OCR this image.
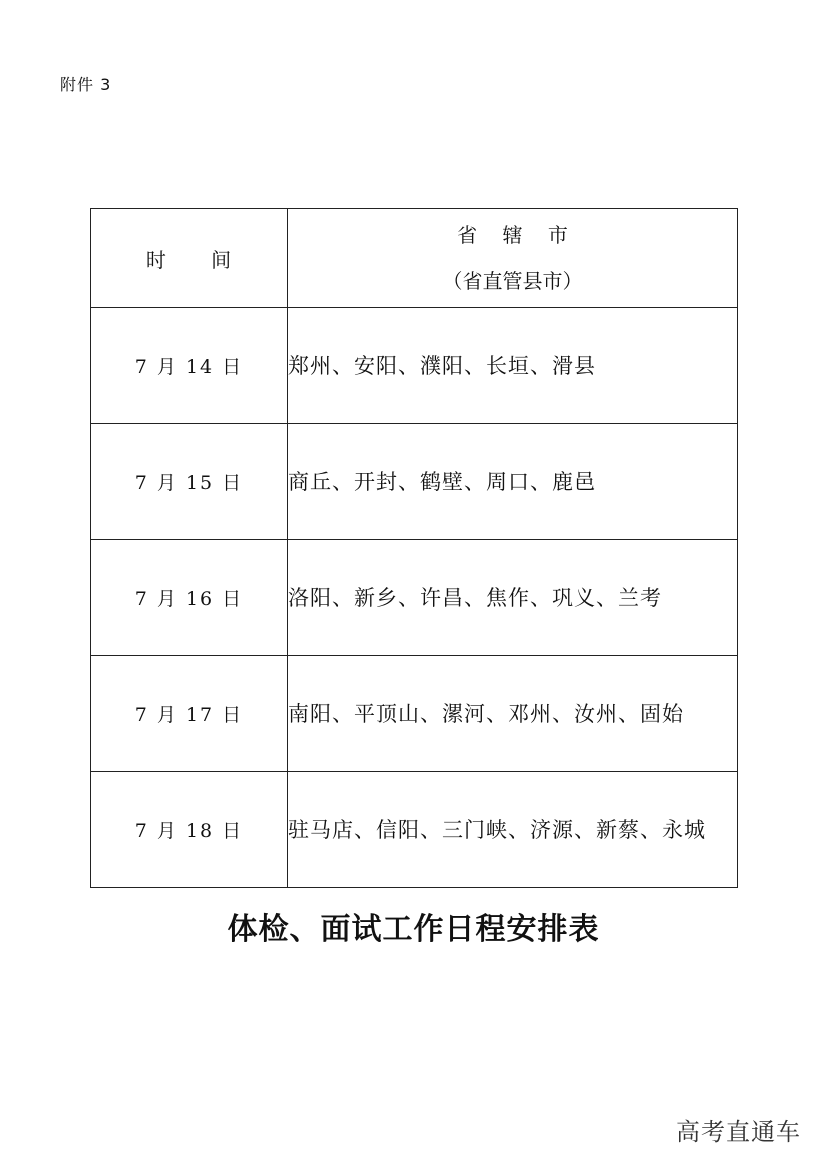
附件 3
时      间	省    辖    市
（省直管县市）

7 月 14 日	郑州、安阳、濮阳、长垣、滑县
7 月 15 日	商丘、开封、鹤壁、周口、鹿邑
7 月 16 日	洛阳、新乡、许昌、焦作、巩义、兰考
7 月 17 日	南阳、平顶山、漯河、邓州、汝州、固始
7 月 18 日	驻马店、信阳、三门峡、济源、新蔡、永城
体检、面试工作日程安排表
高考直通车
